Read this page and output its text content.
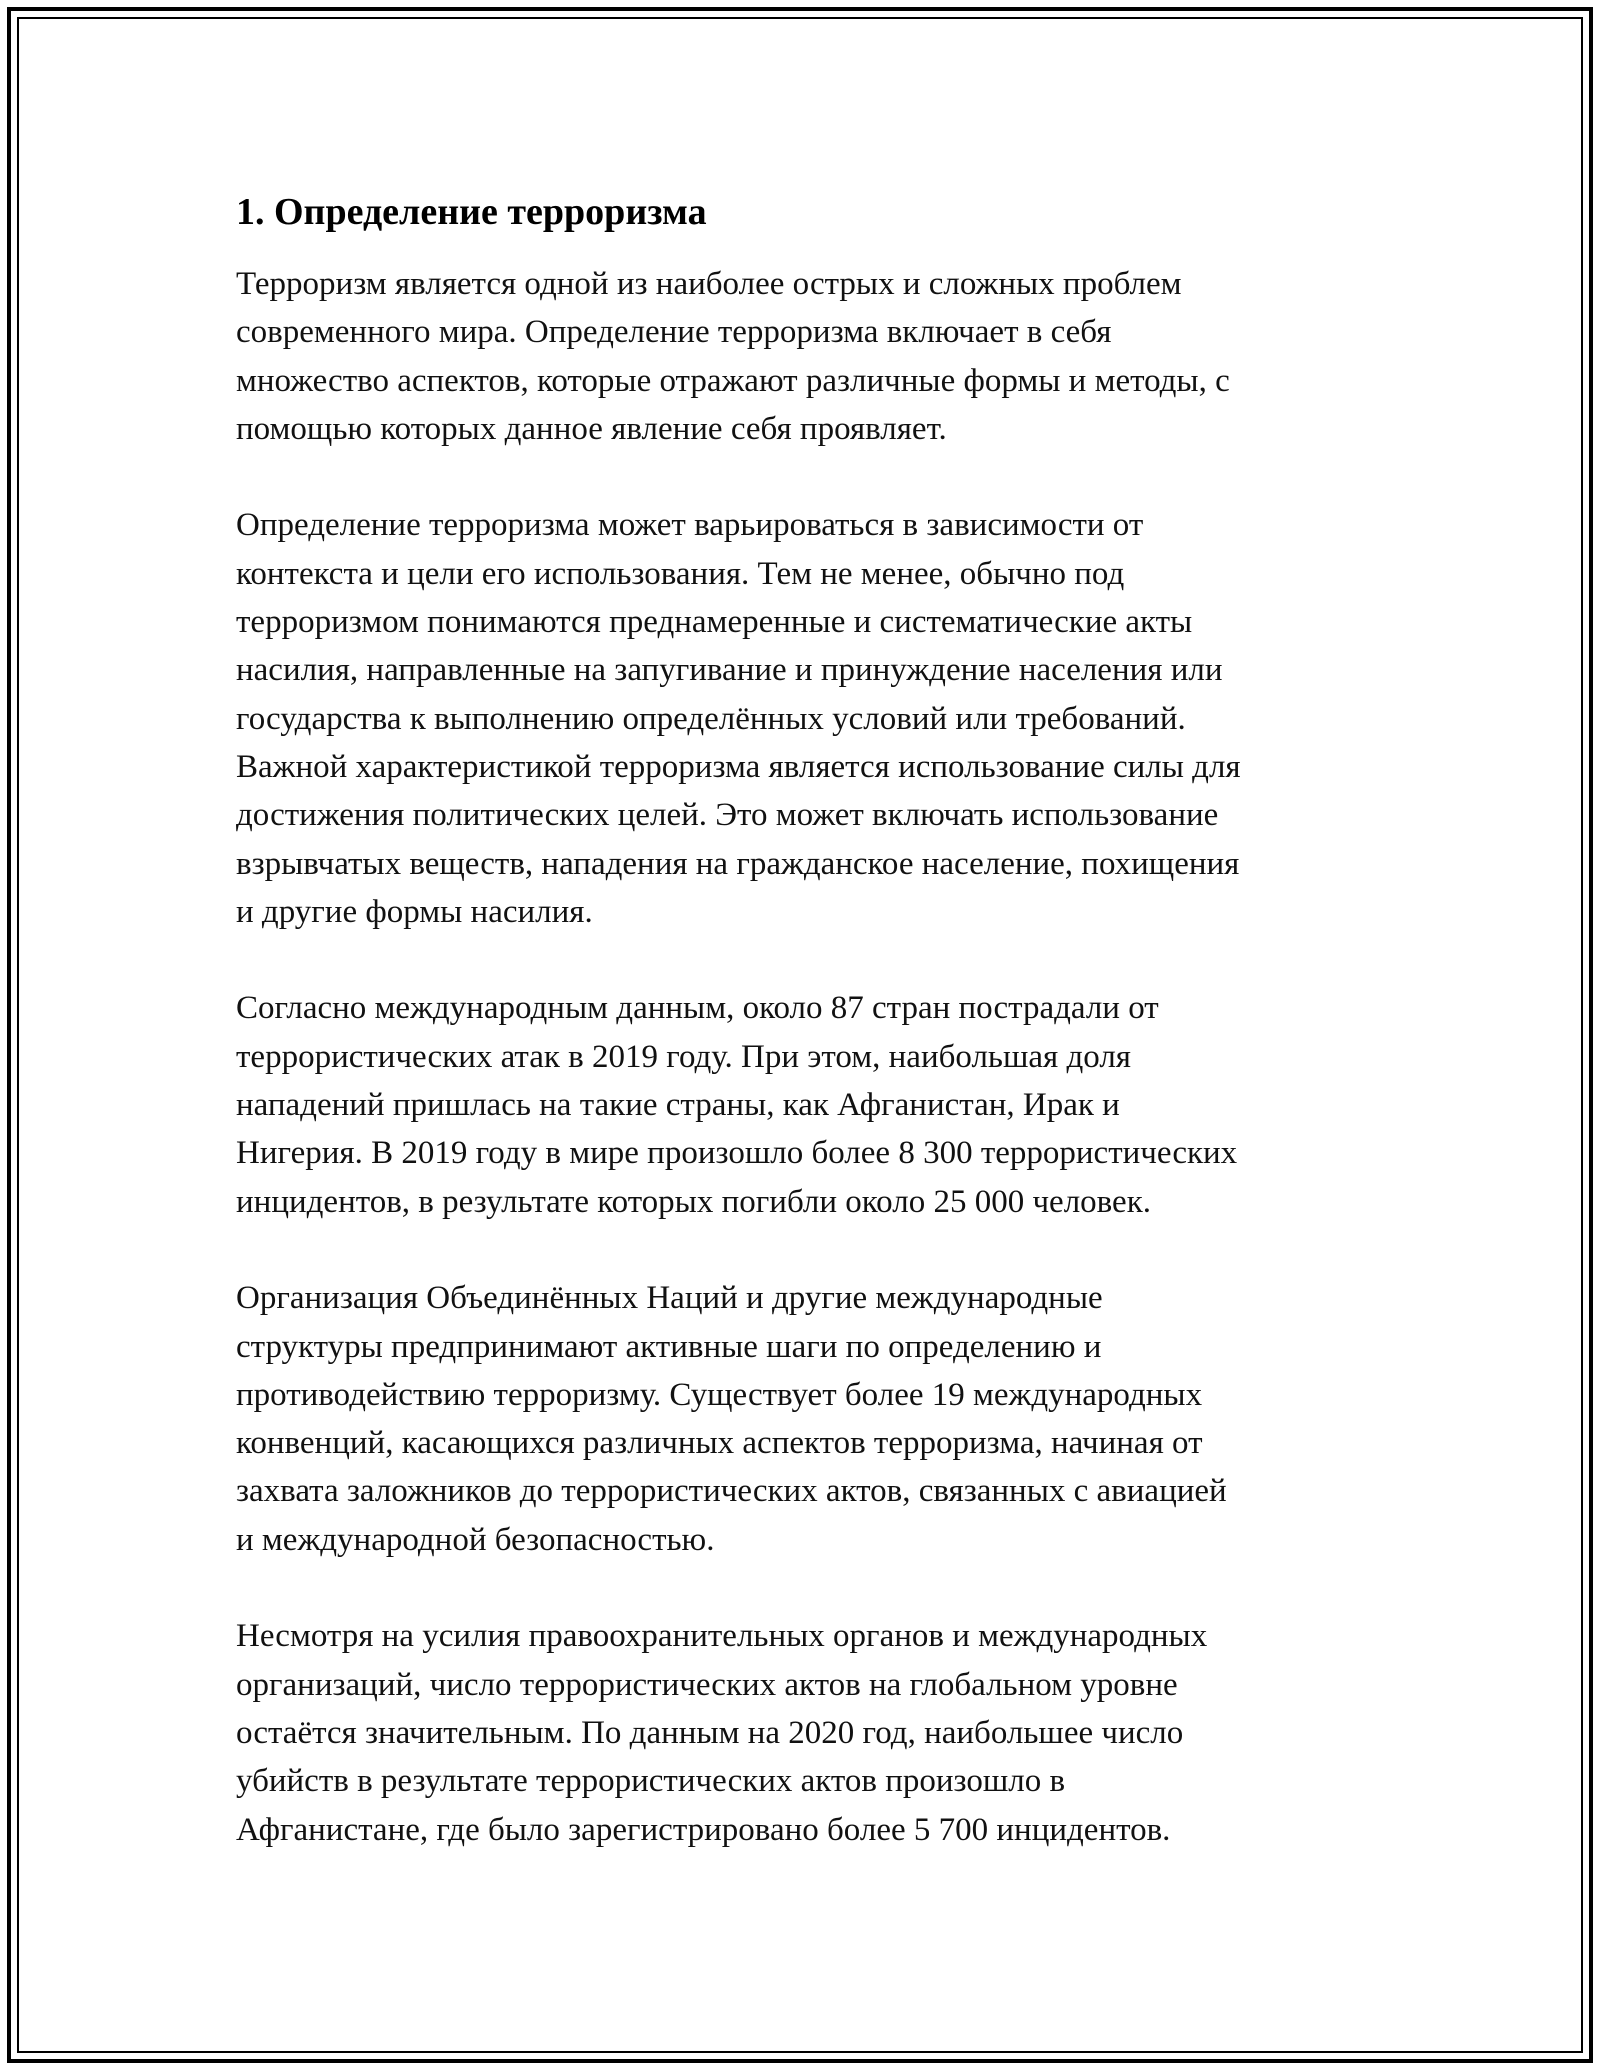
1. Определение терроризма

Терроризм является одной из наиболее острых и сложных проблем
современного мира. Определение терроризма включает в себя
множество аспектов, которые отражают различные формы и методы, с
помощью которых данное явление себя проявляет.

Определение терроризма может варьироваться в зависимости от
контекста и цели его использования. Тем не менее, обычно под
терроризмом понимаются преднамеренные и систематические акты
насилия, направленные на запугивание и принуждение населения или
государства к выполнению определённых условий или требований.
Важной характеристикой терроризма является использование силы для
достижения политических целей. Это может включать использование
взрывчатых веществ, нападения на гражданское население, похищения
и другие формы насилия.

Согласно международным данным, около 87 стран пострадали от
террористических атак в 2019 году. При этом, наибольшая доля
нападений пришлась на такие страны, как Афганистан, Ирак и
Нигерия. В 2019 году в мире произошло более 8 300 террористических
инцидентов, в результате которых погибли около 25 000 человек.

Организация Объединённых Наций и другие международные
структуры предпринимают активные шаги по определению и
противодействию терроризму. Существует более 19 международных
конвенций, касающихся различных аспектов терроризма, начиная от
захвата заложников до террористических актов, связанных с авиацией
и международной безопасностью.

Несмотря на усилия правоохранительных органов и международных
организаций, число террористических актов на глобальном уровне
остаётся значительным. По данным на 2020 год, наибольшее число
убийств в результате террористических актов произошло в
Афганистане, где было зарегистрировано более 5 700 инцидентов.
